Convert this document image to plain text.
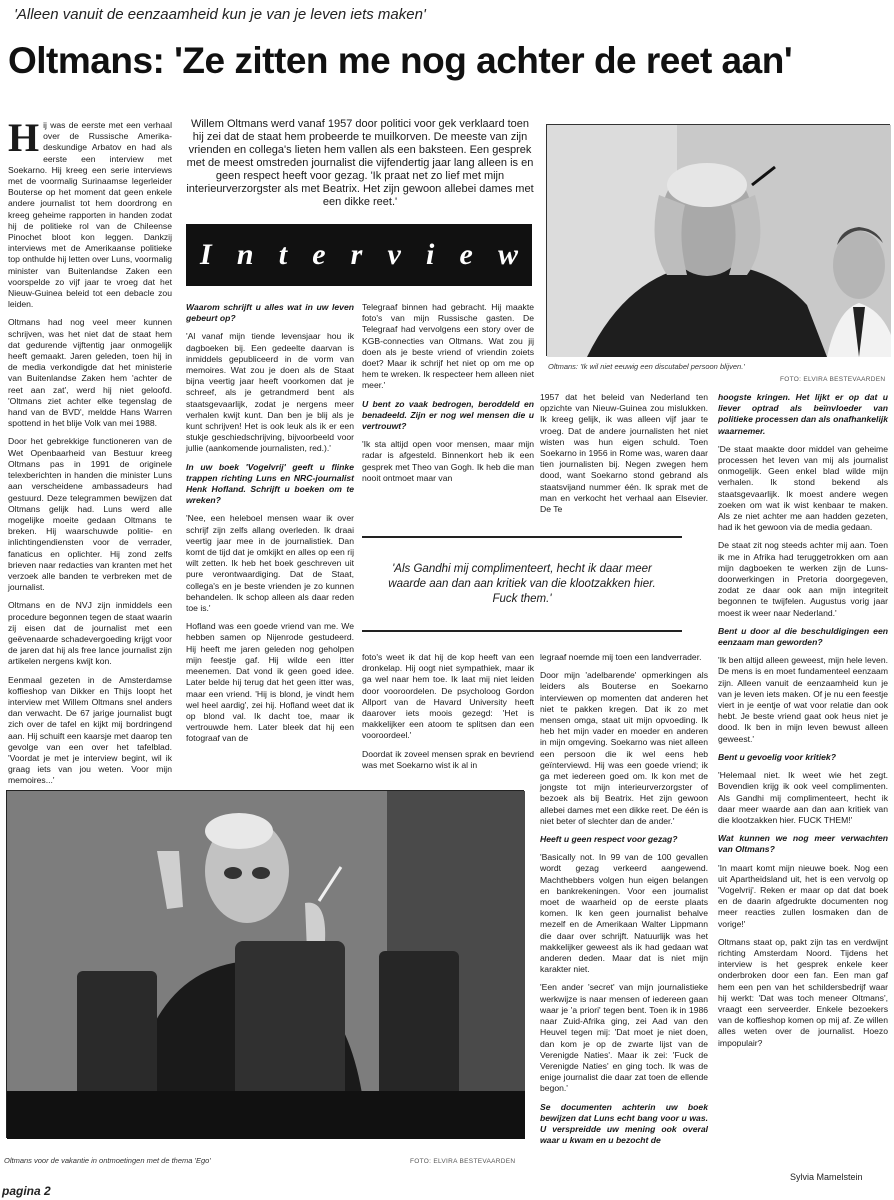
'Alleen vanuit de eenzaamheid kun je van je leven iets maken'
Oltmans: 'Ze zitten me nog achter de reet aan'
H ij was de eerste met een verhaal over de Russische Amerika-deskundige Arbatov en had als eerste een interview met Soekarno. Hij kreeg een serie interviews met de voormalig Surinaamse legerleider Bouterse op het moment dat geen enkele andere journalist tot hem doordrong en kreeg geheime rapporten in handen zodat hij de politieke rol van de Chileense Pinochet bloot kon leggen. Dankzij interviews met de Amerikaanse politieke top onthulde hij letten over Luns, voormalig minister van Buitenlandse Zaken een voorspelde zo vijf jaar te vroeg dat het Nieuw-Guinea beleid tot een debacle zou leiden.

Oltmans had nog veel meer kunnen schrijven, was het niet dat de staat hem dat gedurende vijftentig jaar onmogelijk heeft gemaakt. Jaren geleden, toen hij in de media verkondigde dat het ministerie van Buitenlandse Zaken hem 'achter de reet aan zat', werd hij niet geloofd. 'Oltmans ziet achter elke tegenslag de hand van de BVD', meldde Hans Warren spottend in het blije Volk van mei 1988.

Door het gebrekkige functioneren van de Wet Openbaarheid van Bestuur kreeg Oltmans pas in 1991 de originele telexberichten in handen die minister Luns aan verscheidene ambassadeurs had gestuurd. Deze telegrammen bewijzen dat Oltmans gelijk had. Luns werd alle mogelijke moeite gedaan Oltmans te breken. Hij waarschuwde politie- en inlichtingendiensten voor de verrader, fanaticus en oplichter. Hij zond zelfs brieven naar redacties van kranten met het verzoek alle banden te verbreken met de journalist.

Oltmans en de NVJ zijn inmiddels een procedure begonnen tegen de staat waarin zij eisen dat de journalist met een geëvenaarde schadevergoeding krijgt voor de jaren dat hij als free lance journalist zijn artikelen nergens kwijt kon.

Eenmaal gezeten in de Amsterdamse koffieshop van Dikker en Thijs loopt het interview met Willem Oltmans snel anders dan verwacht. De 67 jarige journalist bugt zich over de tafel en kijkt mij bordringend aan. Hij schuift een kaarsje met daarop ten gevolge van een over het tafelblad. 'Voordat je met je interview begint, wil ik graag iets van jou weten. Voor mijn memoires...'

Willem Oltmans werd vanaf 1957 door politici voor gek verklaard toen hij zei dat de staat hem probeerde te muilkorven. De meeste van zijn vrienden en collega's lieten hem vallen als een baksteen. Een gesprek met de meest omstreden journalist die vijfendertig jaar lang alleen is en geen respect heeft voor gezag. 'Ik praat net zo lief met mijn interieurverzorgster als met Beatrix. Het zijn gewoon allebei dames met een dikke reet.'
I n t e r v i e w

Waarom schrijft u alles wat in uw leven gebeurt op?

'Al vanaf mijn tiende levensjaar hou ik dagboeken bij. Een gedeelte daarvan is inmiddels gepubliceerd in de vorm van memoires. Wat zou je doen als de Staat bijna veertig jaar heeft voorkomen dat je schreef, als je getrandmerd bent als staatsgevaarlijk, zodat je nergens meer verhalen kwijt kunt. Dan ben je blij als je kunt schrijven! Het is ook leuk als ik er een stukje geschiedschrijving, bijvoorbeeld voor jullie (aankomende journalisten, red.).'

In uw boek 'Vogelvrij' geeft u flinke trappen richting Luns en NRC-journalist Henk Hofland. Schrijft u boeken om te wreken?

'Nee, een heleboel mensen waar ik over schrijf zijn zelfs allang overleden. Ik draai veertig jaar mee in de journalistiek. Dan komt de tijd dat je omkijkt en alles op een rij wilt zetten. Ik heb het boek geschreven uit pure verontwaardiging. Dat de Staat, collega's en je beste vrienden je zo kunnen behandelen. Ik schop alleen als daar reden toe is.'

Hofland was een goede vriend van me. We hebben samen op Nijenrode gestudeerd. Hij heeft me jaren geleden nog geholpen mijn feestje gaf. Hij wilde een itter meenemen. Dat vond ik geen goed idee. Later belde hij terug dat het geen itter was, maar een vriend. 'Hij is blond, je vindt hem wel heel aardig', zei hij. Hofland weet dat ik op blond val. Ik dacht toe, maar ik vertrouwde hem. Later bleek dat hij een fotograaf van de

Telegraaf binnen had gebracht. Hij maakte foto's van mijn Russische gasten. De Telegraaf had vervolgens een story over de KGB-connecties van Oltmans. Wat zou jij doen als je beste vriend of vriendin zoiets doet? Maar ik schrijf het niet op om me op hem te wreken. Ik respecteer hem alleen niet meer.'

U bent zo vaak bedrogen, beroddeld en benadeeld. Zijn er nog wel mensen die u vertrouwt?

'Ik sta altijd open voor mensen, maar mijn radar is afgesteld. Binnenkort heb ik een gesprek met Theo van Gogh. Ik heb die man nooit ontmoet maar van

Oltmans: 'Ik wil niet eeuwig een discutabel persoon blijven.'
FOTO: ELVIRA BESTEVAARDEN

1957 dat het beleid van Nederland ten opzichte van Nieuw-Guinea zou mislukken. Ik kreeg gelijk, ik was alleen vijf jaar te vroeg. Dat de andere journalisten het niet wisten was hun eigen schuld. Toen Soekarno in 1956 in Rome was, waren daar tien journalisten bij. Negen zwegen hem dood, want Soekarno stond gebrand als staatsvijand nummer één. Ik sprak met de man en verkocht het verhaal aan Elsevier. De Te

hoogste kringen. Het lijkt er op dat u liever optrad als beïnvloeder van politieke processen dan als onafhankelijk waarnemer.

'De staat maakte door middel van geheime processen het leven van mij als journalist onmogelijk. Geen enkel blad wilde mijn verhalen. Ik stond bekend als staatsgevaarlijk. Ik moest andere wegen zoeken om wat ik wist kenbaar te maken. Als ze niet achter me aan hadden gezeten, had ik het gewoon via de media gedaan.

De staat zit nog steeds achter mij aan. Toen ik me in Afrika had teruggetrokken om aan mijn dagboeken te werken zijn de Luns-doorwerkingen in Pretoria doorgegeven, zodat ze daar ook aan mijn integriteit begonnen te twijfelen. Augustus vorig jaar moest ik weer naar Nederland.'

Bent u door al die beschuldigingen een eenzaam man geworden?

'Ik ben altijd alleen geweest, mijn hele leven. De mens is en moet fundamenteel eenzaam zijn. Alleen vanuit de eenzaamheid kun je van je leven iets maken. Of je nu een feestje viert in je eentje of wat voor relatie dan ook hebt. Je beste vriend gaat ook heus niet je dood. Ik ben in mijn leven bewust alleen geweest.'

Bent u gevoelig voor kritiek?

'Helemaal niet. Ik weet wie het zegt. Bovendien krijg ik ook veel complimenten. Als Gandhi mij complimenteert, hecht ik daar meer waarde aan dan aan kritiek van die klootzakken hier. FUCK THEM!'

Wat kunnen we nog meer verwachten van Oltmans?

'In maart komt mijn nieuwe boek. Nog een uit Apartheidsland uit, het is een vervolg op 'Vogelvrij'. Reken er maar op dat dat boek en de daarin afgedrukte documenten nog meer reacties zullen losmaken dan de vorige!'

Oltmans staat op, pakt zijn tas en verdwijnt richting Amsterdam Noord. Tijdens het interview is het gesprek enkele keer onderbroken door een fan. Een man gaf hem een pen van het schildersbedrijf waar hij werkt: 'Dat was toch meneer Oltmans', vraagt een serveerder. Enkele bezoekers van de koffieshop komen op mij af. Ze willen alles weten over de journalist. Hoezo impopulair?

'Als Gandhi mij complimenteert, hecht ik daar meer waarde aan dan aan kritiek van die klootzakken hier. Fuck them.'

foto's weet ik dat hij de kop heeft van een dronkelap. Hij oogt niet sympathiek, maar ik ga wel naar hem toe. Ik laat mij niet leiden door vooroordelen. De psycholoog Gordon Allport van de Havard University heeft daarover iets moois gezegd: 'Het is makkelijker een atoom te splitsen dan een vooroordeel.'

Doordat ik zoveel mensen sprak en bevriend was met Soekarno wist ik al in

legraaf noemde mij toen een landverrader.

Door mijn 'adelbarende' opmerkingen als leiders als Bouterse en Soekarno interviewen op momenten dat anderen het niet te pakken kregen. Dat ik zo met mensen omga, staat uit mijn opvoeding. Ik heb het mijn vader en moeder en anderen in mijn omgeving. Soekarno was niet alleen een persoon die ik wel eens heb geïnterviewd. Hij was een goede vriend; ik ga met iedereen goed om. Ik kon met de jongste tot mijn interieurverzorgster of bezoek als bij Beatrix. Het zijn gewoon allebei dames met een dikke reet. De één is niet beter of slechter dan de ander.'

Heeft u geen respect voor gezag?

'Basically not. In 99 van de 100 gevallen wordt gezag verkeerd aangewend. Machthebbers volgen hun eigen belangen en bankrekeningen. Voor een journalist moet de waarheid op de eerste plaats komen. Ik ken geen journalist behalve mezelf en de Amerikaan Walter Lippmann die daar over schrijft. Natuurlijk was het makkelijker geweest als ik had gedaan wat anderen deden. Maar dat is niet mijn karakter niet.

'Een ander 'secret' van mijn journalistieke werkwijze is naar mensen of iedereen gaan waar je 'a priori' tegen bent. Toen ik in 1986 naar Zuid-Afrika ging, zei Aad van den Heuvel tegen mij: 'Dat moet je niet doen, dan kom je op de zwarte lijst van de Verenigde Naties'. Maar ik zei: 'Fuck de Verenigde Naties' en ging toch. Ik was de enige journalist die daar zat toen de ellende begon.'

Se documenten achterin uw boek bewijzen dat Luns echt bang voor u was. U verspreidde uw mening ook overal waar u kwam en u bezocht de

Oltmans voor de vakantie in ontmoetingen met de thema 'Ego'	FOTO: ELVIRA BESTEVAARDEN
pagina 2
Sylvia Mamelstein
